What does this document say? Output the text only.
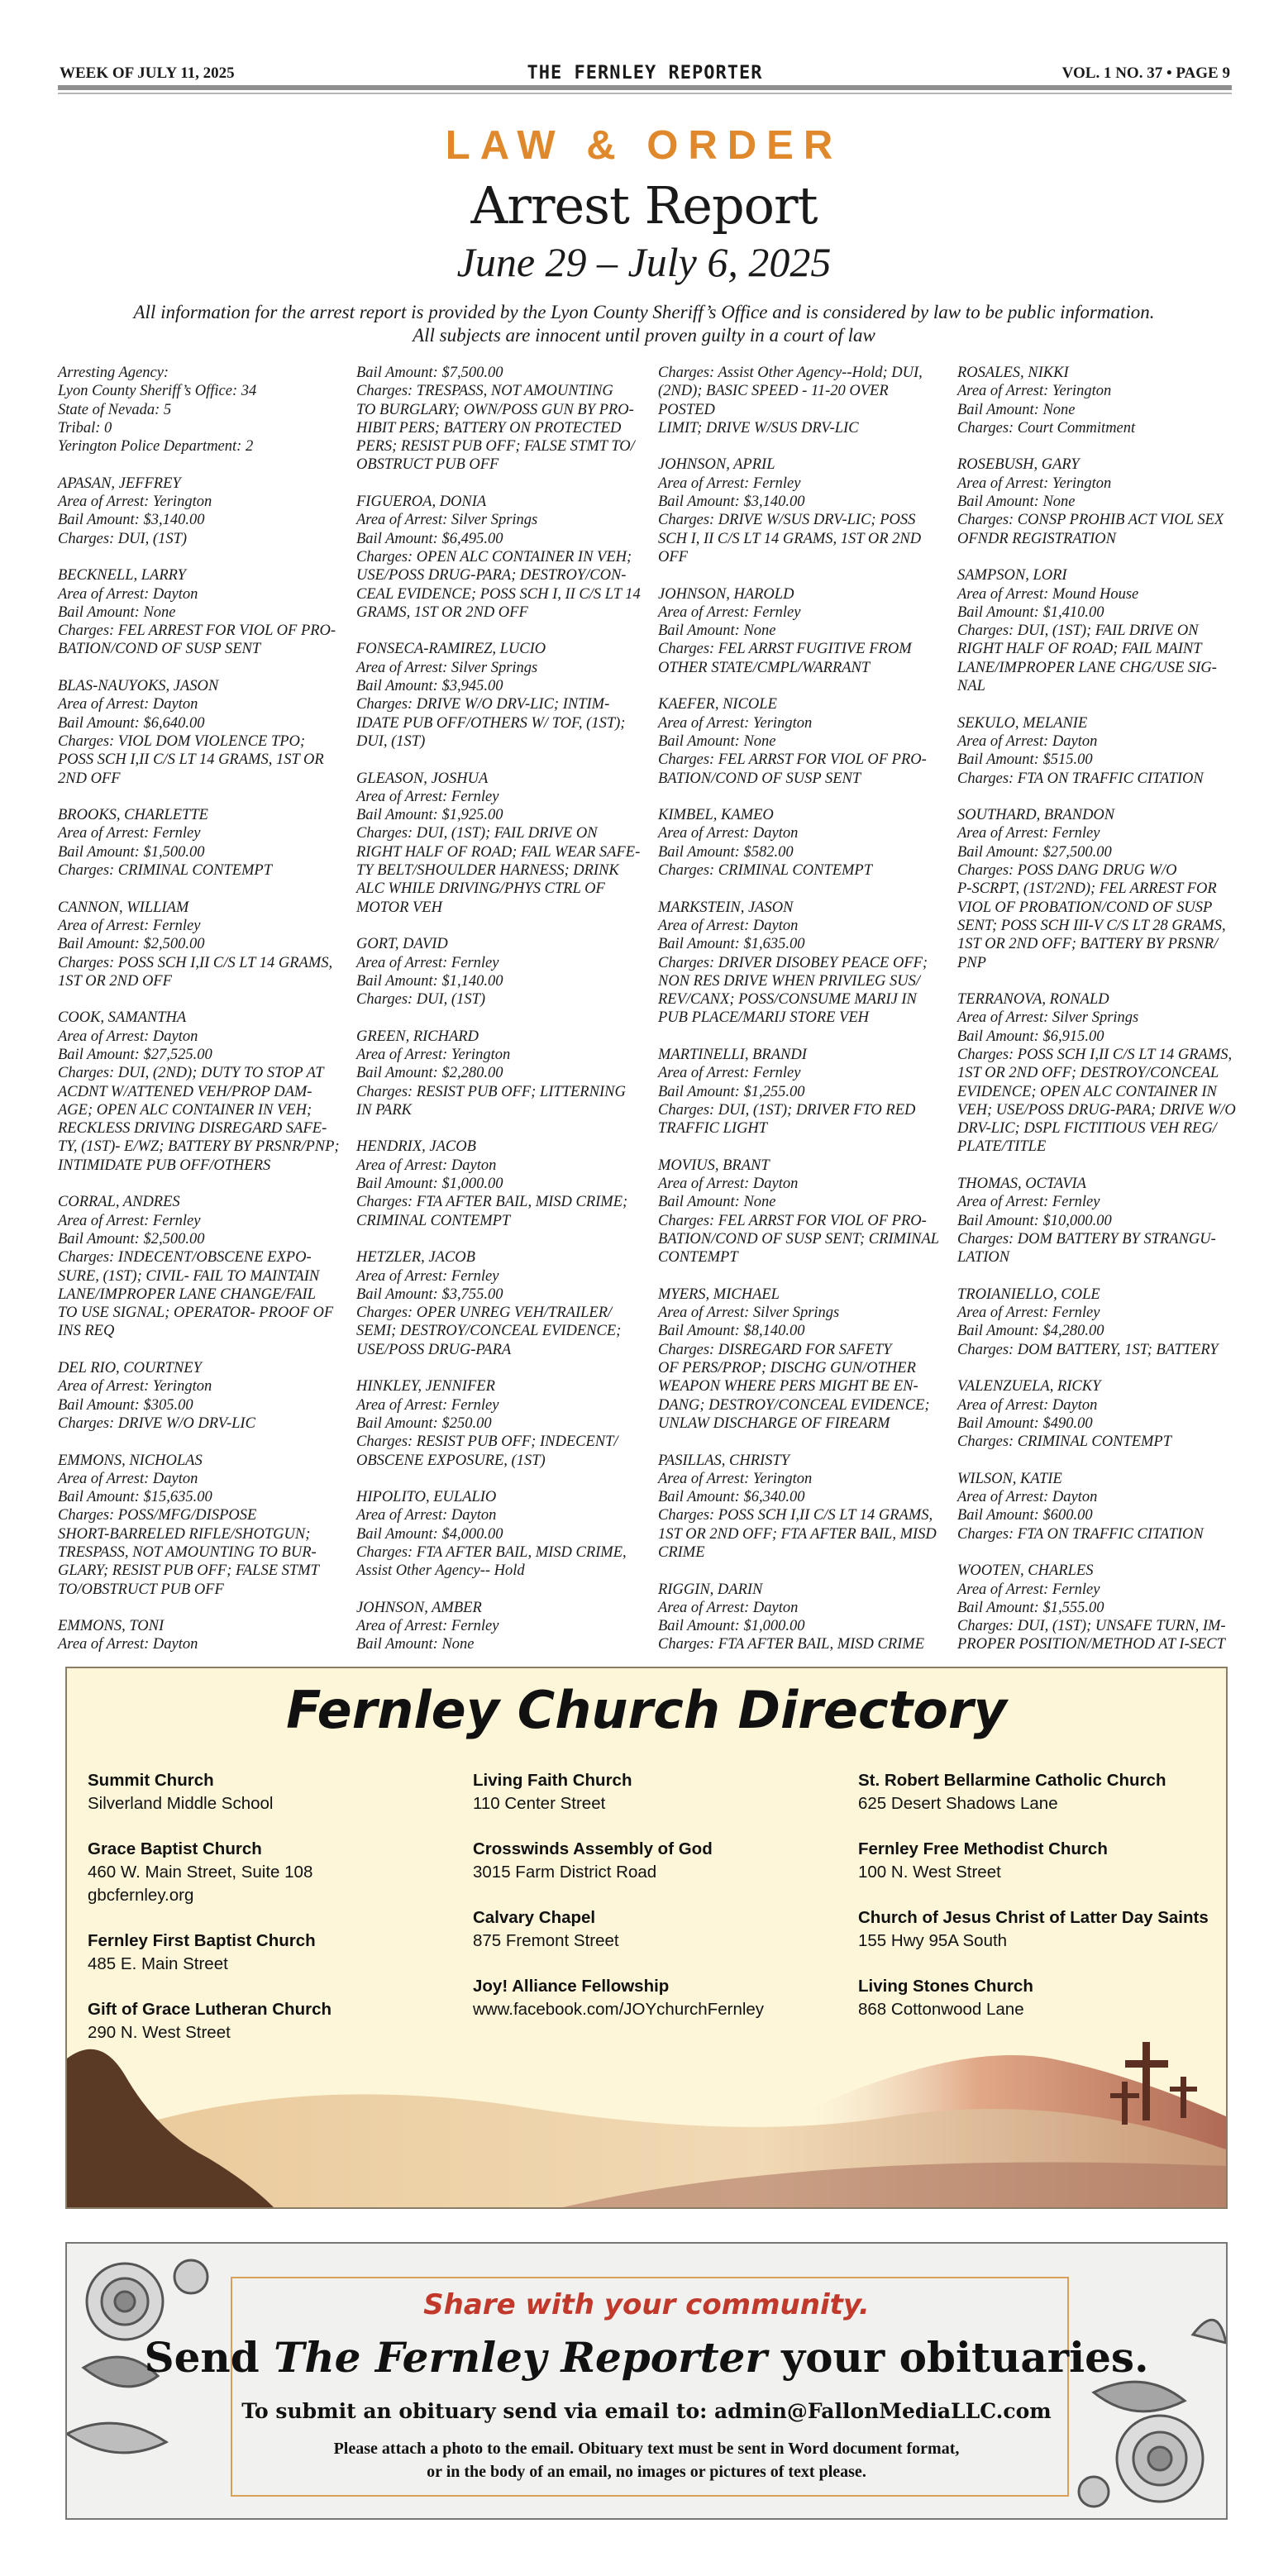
WEEK OF JULY 11, 2025	THE FERNLEY REPORTER	VOL. 1 NO. 37 • PAGE 9
LAW & ORDER
Arrest Report
June 29 – July 6, 2025
All information for the arrest report is provided by the Lyon County Sheriff’s Office and is considered by law to be public information.
All subjects are innocent until proven guilty in a court of law
Arresting Agency:
Lyon County Sheriff’s Office: 34
State of Nevada: 5
Tribal: 0
Yerington Police Department: 2
APASAN, JEFFREY
Area of Arrest: Yerington
Bail Amount: $3,140.00
Charges: DUI, (1ST)
BECKNELL, LARRY
Area of Arrest: Dayton
Bail Amount: None
Charges: FEL ARREST FOR VIOL OF PRO-
BATION/COND OF SUSP SENT
BLAS-NAUYOKS, JASON
Area of Arrest: Dayton
Bail Amount: $6,640.00
Charges: VIOL DOM VIOLENCE TPO;
POSS SCH I,II C/S LT 14 GRAMS, 1ST OR
2ND OFF
BROOKS, CHARLETTE
Area of Arrest: Fernley
Bail Amount: $1,500.00
Charges: CRIMINAL CONTEMPT
CANNON, WILLIAM
Area of Arrest: Fernley
Bail Amount: $2,500.00
Charges: POSS SCH I,II C/S LT 14 GRAMS,
1ST OR 2ND OFF
COOK, SAMANTHA
Area of Arrest: Dayton
Bail Amount: $27,525.00
Charges: DUI, (2ND); DUTY TO STOP AT
ACDNT W/ATTENED VEH/PROP DAM-
AGE; OPEN ALC CONTAINER IN VEH;
RECKLESS DRIVING DISREGARD SAFE-
TY, (1ST)- E/WZ; BATTERY BY PRSNR/PNP;
INTIMIDATE PUB OFF/OTHERS
CORRAL, ANDRES
Area of Arrest: Fernley
Bail Amount: $2,500.00
Charges: INDECENT/OBSCENE EXPO-
SURE, (1ST); CIVIL- FAIL TO MAINTAIN
LANE/IMPROPER LANE CHANGE/FAIL
TO USE SIGNAL; OPERATOR- PROOF OF
INS REQ
DEL RIO, COURTNEY
Area of Arrest: Yerington
Bail Amount: $305.00
Charges: DRIVE W/O DRV-LIC
EMMONS, NICHOLAS
Area of Arrest: Dayton
Bail Amount: $15,635.00
Charges: POSS/MFG/DISPOSE
SHORT-BARRELED RIFLE/SHOTGUN;
TRESPASS, NOT AMOUNTING TO BUR-
GLARY; RESIST PUB OFF; FALSE STMT
TO/OBSTRUCT PUB OFF
EMMONS, TONI
Area of Arrest: Dayton
Bail Amount: $7,500.00
Charges: TRESPASS, NOT AMOUNTING
TO BURGLARY; OWN/POSS GUN BY PRO-
HIBIT PERS; BATTERY ON PROTECTED
PERS; RESIST PUB OFF; FALSE STMT TO/
OBSTRUCT PUB OFF
FIGUEROA, DONIA
Area of Arrest: Silver Springs
Bail Amount: $6,495.00
Charges: OPEN ALC CONTAINER IN VEH;
USE/POSS DRUG-PARA; DESTROY/CON-
CEAL EVIDENCE; POSS SCH I, II C/S LT 14
GRAMS, 1ST OR 2ND OFF
FONSECA-RAMIREZ, LUCIO
Area of Arrest: Silver Springs
Bail Amount: $3,945.00
Charges: DRIVE W/O DRV-LIC; INTIM-
IDATE PUB OFF/OTHERS W/ TOF, (1ST);
DUI, (1ST)
GLEASON, JOSHUA
Area of Arrest: Fernley
Bail Amount: $1,925.00
Charges: DUI, (1ST); FAIL DRIVE ON
RIGHT HALF OF ROAD; FAIL WEAR SAFE-
TY BELT/SHOULDER HARNESS; DRINK
ALC WHILE DRIVING/PHYS CTRL OF
MOTOR VEH
GORT, DAVID
Area of Arrest: Fernley
Bail Amount: $1,140.00
Charges: DUI, (1ST)
GREEN, RICHARD
Area of Arrest: Yerington
Bail Amount: $2,280.00
Charges: RESIST PUB OFF; LITTERNING
IN PARK
HENDRIX, JACOB
Area of Arrest: Dayton
Bail Amount: $1,000.00
Charges: FTA AFTER BAIL, MISD CRIME;
CRIMINAL CONTEMPT
HETZLER, JACOB
Area of Arrest: Fernley
Bail Amount: $3,755.00
Charges: OPER UNREG VEH/TRAILER/
SEMI; DESTROY/CONCEAL EVIDENCE;
USE/POSS DRUG-PARA
HINKLEY, JENNIFER
Area of Arrest: Fernley
Bail Amount: $250.00
Charges: RESIST PUB OFF; INDECENT/
OBSCENE EXPOSURE, (1ST)
HIPOLITO, EULALIO
Area of Arrest: Dayton
Bail Amount: $4,000.00
Charges: FTA AFTER BAIL, MISD CRIME,
Assist Other Agency-- Hold
JOHNSON, AMBER
Area of Arrest: Fernley
Bail Amount: None
Charges: Assist Other Agency--Hold; DUI,
(2ND); BASIC SPEED - 11-20 OVER POSTED
LIMIT; DRIVE W/SUS DRV-LIC
JOHNSON, APRIL
Area of Arrest: Fernley
Bail Amount: $3,140.00
Charges: DRIVE W/SUS DRV-LIC; POSS
SCH I, II C/S LT 14 GRAMS, 1ST OR 2ND
OFF
JOHNSON, HAROLD
Area of Arrest: Fernley
Bail Amount: None
Charges: FEL ARRST FUGITIVE FROM
OTHER STATE/CMPL/WARRANT
KAEFER, NICOLE
Area of Arrest: Yerington
Bail Amount: None
Charges: FEL ARRST FOR VIOL OF PRO-
BATION/COND OF SUSP SENT
KIMBEL, KAMEO
Area of Arrest: Dayton
Bail Amount: $582.00
Charges: CRIMINAL CONTEMPT
MARKSTEIN, JASON
Area of Arrest: Dayton
Bail Amount: $1,635.00
Charges: DRIVER DISOBEY PEACE OFF;
NON RES DRIVE WHEN PRIVILEG SUS/
REV/CANX; POSS/CONSUME MARIJ IN
PUB PLACE/MARIJ STORE VEH
MARTINELLI, BRANDI
Area of Arrest: Fernley
Bail Amount: $1,255.00
Charges: DUI, (1ST); DRIVER FTO RED
TRAFFIC LIGHT
MOVIUS, BRANT
Area of Arrest: Dayton
Bail Amount: None
Charges: FEL ARRST FOR VIOL OF PRO-
BATION/COND OF SUSP SENT; CRIMINAL
CONTEMPT
MYERS, MICHAEL
Area of Arrest: Silver Springs
Bail Amount: $8,140.00
Charges: DISREGARD FOR SAFETY
OF PERS/PROP; DISCHG GUN/OTHER
WEAPON WHERE PERS MIGHT BE EN-
DANG; DESTROY/CONCEAL EVIDENCE;
UNLAW DISCHARGE OF FIREARM
PASILLAS, CHRISTY
Area of Arrest: Yerington
Bail Amount: $6,340.00
Charges: POSS SCH I,II C/S LT 14 GRAMS,
1ST OR 2ND OFF; FTA AFTER BAIL, MISD
CRIME
RIGGIN, DARIN
Area of Arrest: Dayton
Bail Amount: $1,000.00
Charges: FTA AFTER BAIL, MISD CRIME
ROSALES, NIKKI
Area of Arrest: Yerington
Bail Amount: None
Charges: Court Commitment
ROSEBUSH, GARY
Area of Arrest: Yerington
Bail Amount: None
Charges: CONSP PROHIB ACT VIOL SEX
OFNDR REGISTRATION
SAMPSON, LORI
Area of Arrest: Mound House
Bail Amount: $1,410.00
Charges: DUI, (1ST); FAIL DRIVE ON
RIGHT HALF OF ROAD; FAIL MAINT
LANE/IMPROPER LANE CHG/USE SIG-
NAL
SEKULO, MELANIE
Area of Arrest: Dayton
Bail Amount: $515.00
Charges: FTA ON TRAFFIC CITATION
SOUTHARD, BRANDON
Area of Arrest: Fernley
Bail Amount: $27,500.00
Charges: POSS DANG DRUG W/O
P-SCRPT, (1ST/2ND); FEL ARREST FOR
VIOL OF PROBATION/COND OF SUSP
SENT; POSS SCH III-V C/S LT 28 GRAMS,
1ST OR 2ND OFF; BATTERY BY PRSNR/
PNP
TERRANOVA, RONALD
Area of Arrest: Silver Springs
Bail Amount: $6,915.00
Charges: POSS SCH I,II C/S LT 14 GRAMS,
1ST OR 2ND OFF; DESTROY/CONCEAL
EVIDENCE; OPEN ALC CONTAINER IN
VEH; USE/POSS DRUG-PARA; DRIVE W/O
DRV-LIC; DSPL FICTITIOUS VEH REG/
PLATE/TITLE
THOMAS, OCTAVIA
Area of Arrest: Fernley
Bail Amount: $10,000.00
Charges: DOM BATTERY BY STRANGU-
LATION
TROIANIELLO, COLE
Area of Arrest: Fernley
Bail Amount: $4,280.00
Charges: DOM BATTERY, 1ST; BATTERY
VALENZUELA, RICKY
Area of Arrest: Dayton
Bail Amount: $490.00
Charges: CRIMINAL CONTEMPT
WILSON, KATIE
Area of Arrest: Dayton
Bail Amount: $600.00
Charges: FTA ON TRAFFIC CITATION
WOOTEN, CHARLES
Area of Arrest: Fernley
Bail Amount: $1,555.00
Charges: DUI, (1ST); UNSAFE TURN, IM-
PROPER POSITION/METHOD AT I-SECT
Fernley Church Directory
Summit Church
Silverland Middle School
Grace Baptist Church
460 W. Main Street, Suite 108
gbcfernley.org
Fernley First Baptist Church
485 E. Main Street
Gift of Grace Lutheran Church
290 N. West Street
Living Faith Church
110 Center Street
Crosswinds Assembly of God
3015 Farm District Road
Calvary Chapel
875 Fremont Street
Joy! Alliance Fellowship
www.facebook.com/JOYchurchFernley
St. Robert Bellarmine Catholic Church
625 Desert Shadows Lane
Fernley Free Methodist Church
100 N. West Street
Church of Jesus Christ of Latter Day Saints
155 Hwy 95A South
Living Stones Church
868 Cottonwood Lane
Share with your community.
Send The Fernley Reporter your obituaries.
To submit an obituary send via email to: admin@FallonMediaLLC.com
Please attach a photo to the email. Obituary text must be sent in Word document format,
or in the body of an email, no images or pictures of text please.
